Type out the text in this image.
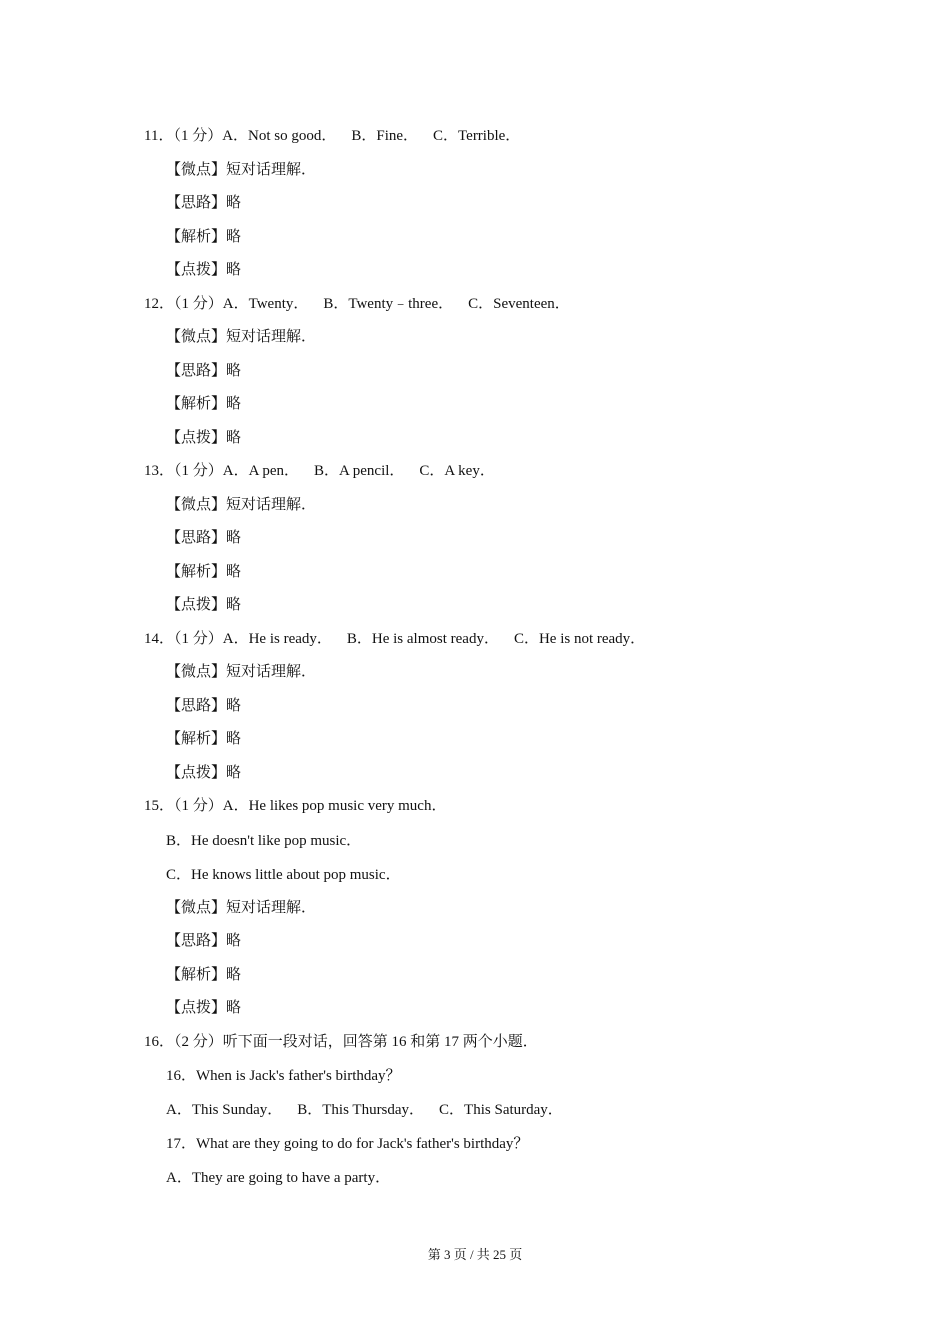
11．（1 分）A．Not so good．    B．Fine．    C．Terrible．
【微点】短对话理解．
【思路】略
【解析】略
【点拨】略
12．（1 分）A．Twenty．    B．Twenty﹣three．    C．Seventeen．
【微点】短对话理解．
【思路】略
【解析】略
【点拨】略
13．（1 分）A．A pen．    B．A pencil．    C．A key．
【微点】短对话理解．
【思路】略
【解析】略
【点拨】略
14．（1 分）A．He is ready．    B．He is almost ready．    C．He is not ready．
【微点】短对话理解．
【思路】略
【解析】略
【点拨】略
15．（1 分）A．He likes pop music very much．
B．He doesn't like pop music．
C．He knows little about pop music．
【微点】短对话理解．
【思路】略
【解析】略
【点拨】略
16．（2 分）听下面一段对话，回答第 16 和第 17 两个小题．
16．When is Jack's father's birthday？
A．This Sunday．    B．This Thursday．    C．This Saturday．
17．What are they going to do for Jack's father's birthday？
A．They are going to have a party．
第 3 页 / 共 25 页
